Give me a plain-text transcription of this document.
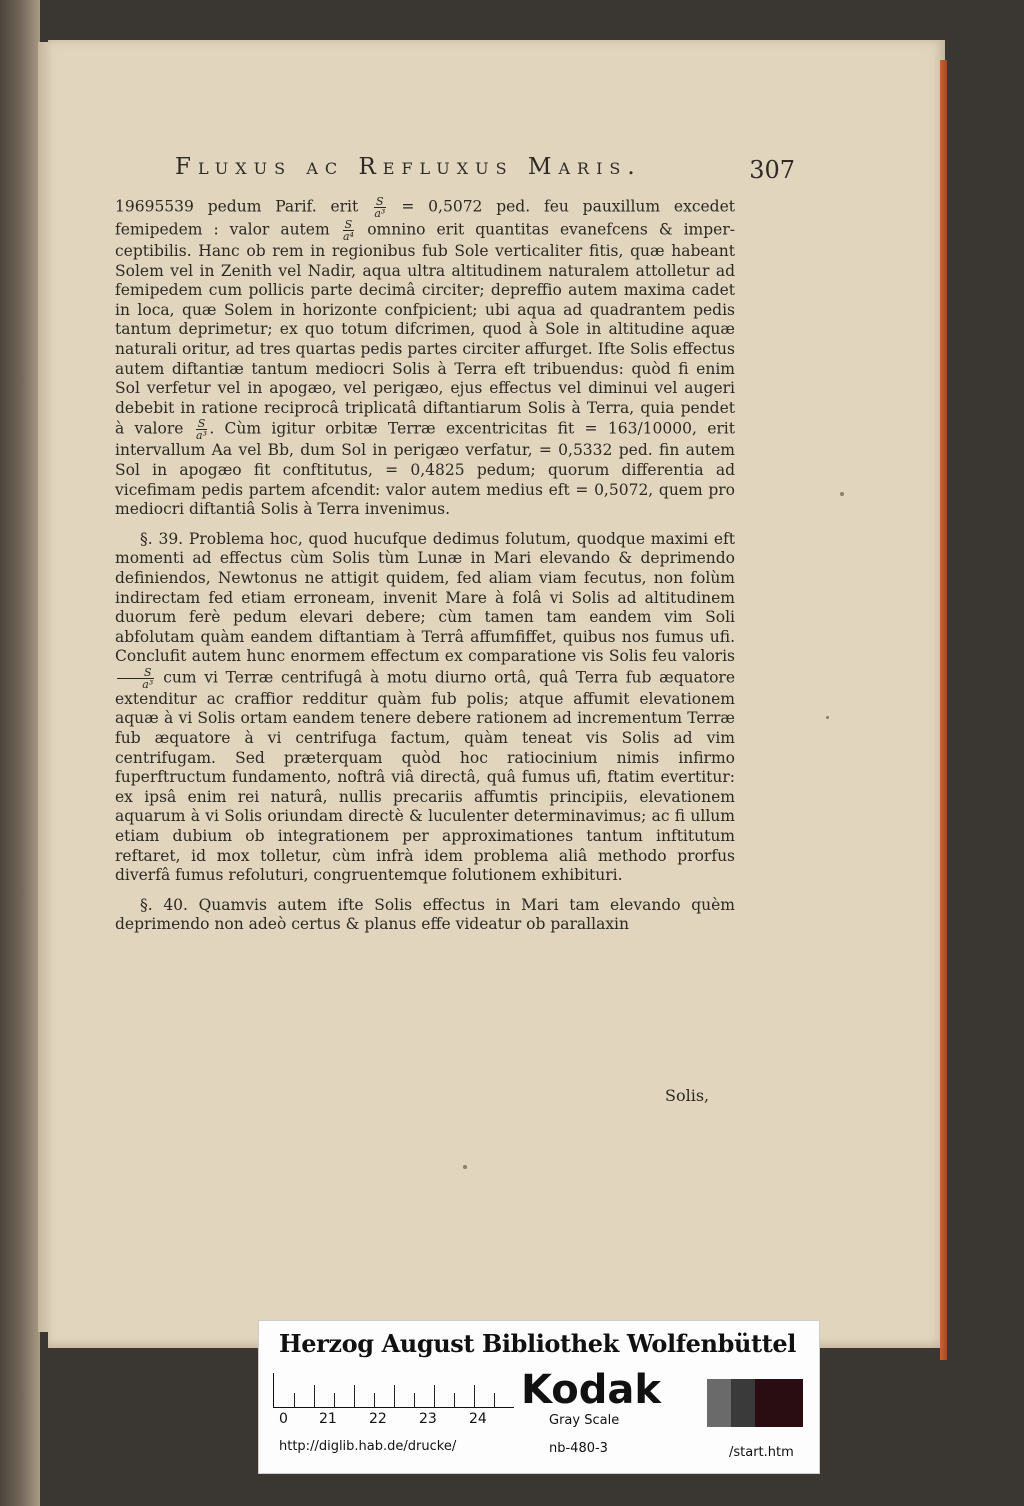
Fluxus ac Refluxus Maris.	307

19695539 pedum Parif. erit $\frac{S}{\text{a³}} = 0,5072$ ped. feu pauxillum excedet femipedem : valor autem $\frac{S}{\text{a⁴}}$ omnino erit quantitas evanefcens & imper- ceptibilis. Hanc ob rem in regionibus fub Sole verticaliter fitis, quæ habeant Solem vel in Zenith vel Nadir, aqua ultra altitudinem naturalem attolletur ad femipedem cum pollicis parte decimâ circiter; depreffio autem maxima cadet in loca, quæ Solem in horizonte confpicient; ubi aqua ad quadrantem pedis tantum deprimetur; ex quo totum difcrimen, quod à Sole in altitudine aquæ naturali oritur, ad tres quartas pedis partes circiter affurget. Ifte Solis effectus autem diftantiæ tantum mediocri Solis à Terra eft tribuendus: quòd fi enim Sol verfetur vel in apogæo, vel perigæo, ejus effectus vel diminui vel augeri debebit in ratione reciprocâ triplicatâ diftantiarum Solis à Terra, quia pendet à valore $\frac{S}{\text{a³}}$ . Cùm igitur orbitæ Terræ excentricitas fit = 163/10000, erit intervallum Aa vel Bb, dum Sol in perigæo verfatur, = 0,5332 ped. fin autem Sol in apogæo fit conftitutus, = 0,4825 pedum; quorum differentia ad vicefimam pedis partem afcendit: valor autem medius eft = 0,5072, quem pro mediocri diftantiâ Solis à Terra invenimus.

§. 39. Problema hoc, quod hucufque dedimus folutum, quodque maximi eft momenti ad effectus cùm Solis tùm Lunæ in Mari elevando & deprimendo definiendos, Newtonus ne attigit quidem, fed aliam viam fecutus, non folùm indirectam fed etiam erroneam, invenit Mare à folâ vi Solis ad altitudinem duorum ferè pedum elevari debere; cùm tamen tam eandem vim Soli abfolutam quàm eandem diftantiam à Terrâ affumfiffet, quibus nos fumus ufi. Conclufit autem hunc enormem effectum ex comparatione vis Solis feu valoris
$\frac{S}{\text{a³}}$ cum vi Terræ centrifugâ à motu diurno ortâ, quâ Terra fub æquatore extenditur ac craffior redditur quàm fub polis; atque affumit elevationem aquæ à vi Solis ortam eandem tenere debere rationem ad incrementum Terræ fub æquatore à vi centrifuga factum, quàm teneat vis Solis ad vim centrifugam. Sed præterquam quòd hoc ratiocinium nimis infirmo fuperftructum fundamento, noftrâ viâ directâ, quâ fumus ufi, ftatim evertitur: ex ipsâ enim rei naturâ, nullis precariis affumtis principiis, elevationem aquarum à vi Solis oriundam directè & luculenter determinavimus; ac fi ullum etiam dubium ob integrationem per approximationes tantum inftitutum reftaret, id mox tolletur, cùm infrà idem problema aliâ methodo prorfus diverfâ fumus refoluturi, congruentemque folutionem exhibituri.

§. 40. Quamvis autem ifte Solis effectus in Mari tam elevando quèm deprimendo non adeò certus & planus effe videatur ob parallaxin

Solis,
Herzog August Bibliothek Wolfenbüttel
0 21 22 23 24
Kodak
Gray Scale
http://diglib.hab.de/drucke/	nb-480-3	/start.htm
